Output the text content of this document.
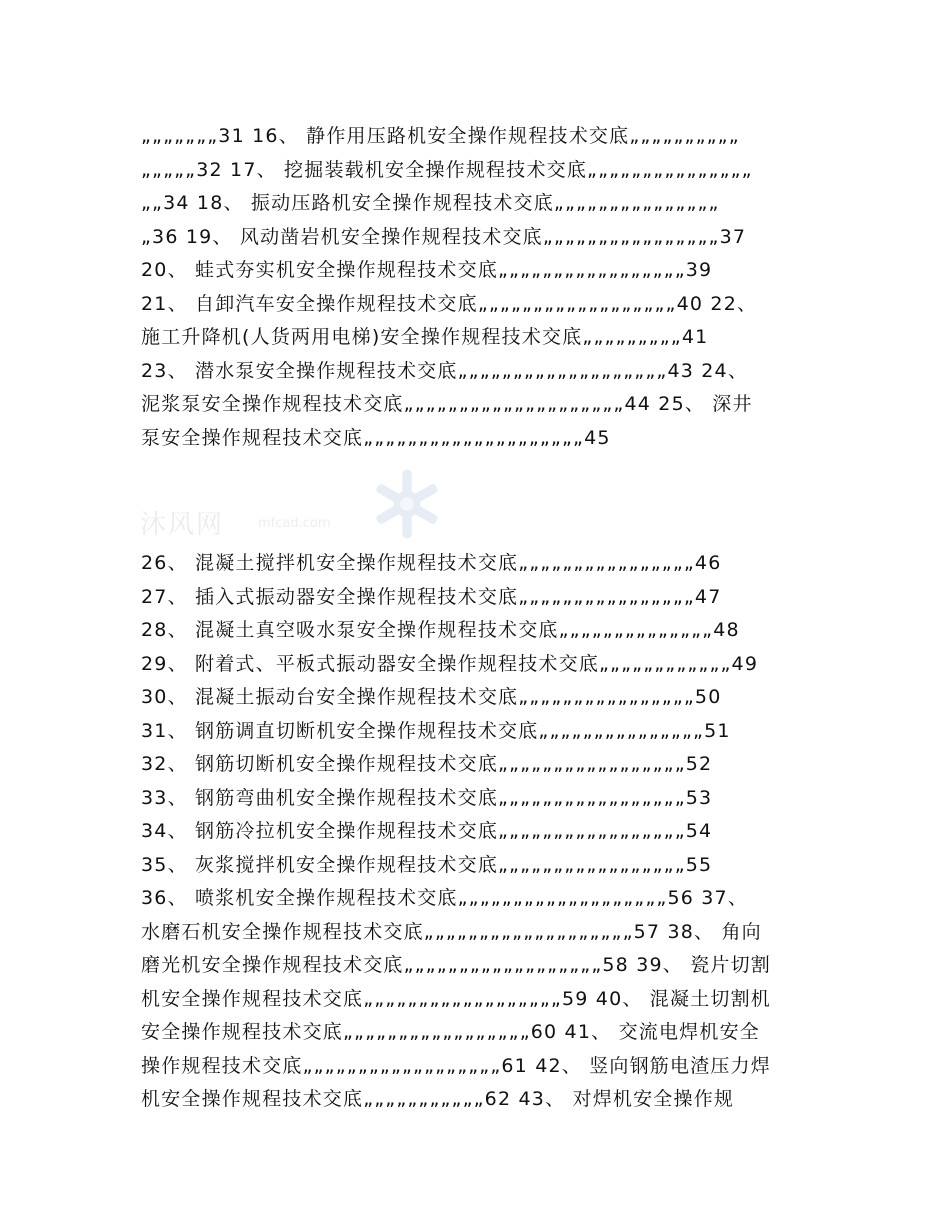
„„„„„„„31 16、 静作用压路机安全操作规程技术交底„„„„„„„„„„
„„„„„32 17、 挖掘装载机安全操作规程技术交底„„„„„„„„„„„„„„„
„„34 18、 振动压路机安全操作规程技术交底„„„„„„„„„„„„„„„
„36 19、 风动凿岩机安全操作规程技术交底„„„„„„„„„„„„„„„„37
20、 蛙式夯实机安全操作规程技术交底„„„„„„„„„„„„„„„„„39
21、 自卸汽车安全操作规程技术交底„„„„„„„„„„„„„„„„„„40 22、
施工升降机(人货两用电梯)安全操作规程技术交底„„„„„„„„„41
23、 潜水泵安全操作规程技术交底„„„„„„„„„„„„„„„„„„„43 24、
泥浆泵安全操作规程技术交底„„„„„„„„„„„„„„„„„„„„44 25、 深井
泵安全操作规程技术交底„„„„„„„„„„„„„„„„„„„„45
沐风网	mfcad.com
26、 混凝土搅拌机安全操作规程技术交底„„„„„„„„„„„„„„„„46
27、 插入式振动器安全操作规程技术交底„„„„„„„„„„„„„„„„47
28、 混凝土真空吸水泵安全操作规程技术交底„„„„„„„„„„„„„„48
29、 附着式、平板式振动器安全操作规程技术交底„„„„„„„„„„„„49
30、 混凝土振动台安全操作规程技术交底„„„„„„„„„„„„„„„„50
31、 钢筋调直切断机安全操作规程技术交底„„„„„„„„„„„„„„„51
32、 钢筋切断机安全操作规程技术交底„„„„„„„„„„„„„„„„„52
33、 钢筋弯曲机安全操作规程技术交底„„„„„„„„„„„„„„„„„53
34、 钢筋冷拉机安全操作规程技术交底„„„„„„„„„„„„„„„„„54
35、 灰浆搅拌机安全操作规程技术交底„„„„„„„„„„„„„„„„„55
36、 喷浆机安全操作规程技术交底„„„„„„„„„„„„„„„„„„„56 37、
水磨石机安全操作规程技术交底„„„„„„„„„„„„„„„„„„„57 38、 角向
磨光机安全操作规程技术交底„„„„„„„„„„„„„„„„„„58 39、 瓷片切割
机安全操作规程技术交底„„„„„„„„„„„„„„„„„„59 40、 混凝土切割机
安全操作规程技术交底„„„„„„„„„„„„„„„„„60 41、 交流电焊机安全
操作规程技术交底„„„„„„„„„„„„„„„„„„61 42、 竖向钢筋电渣压力焊
机安全操作规程技术交底„„„„„„„„„„„62 43、 对焊机安全操作规
